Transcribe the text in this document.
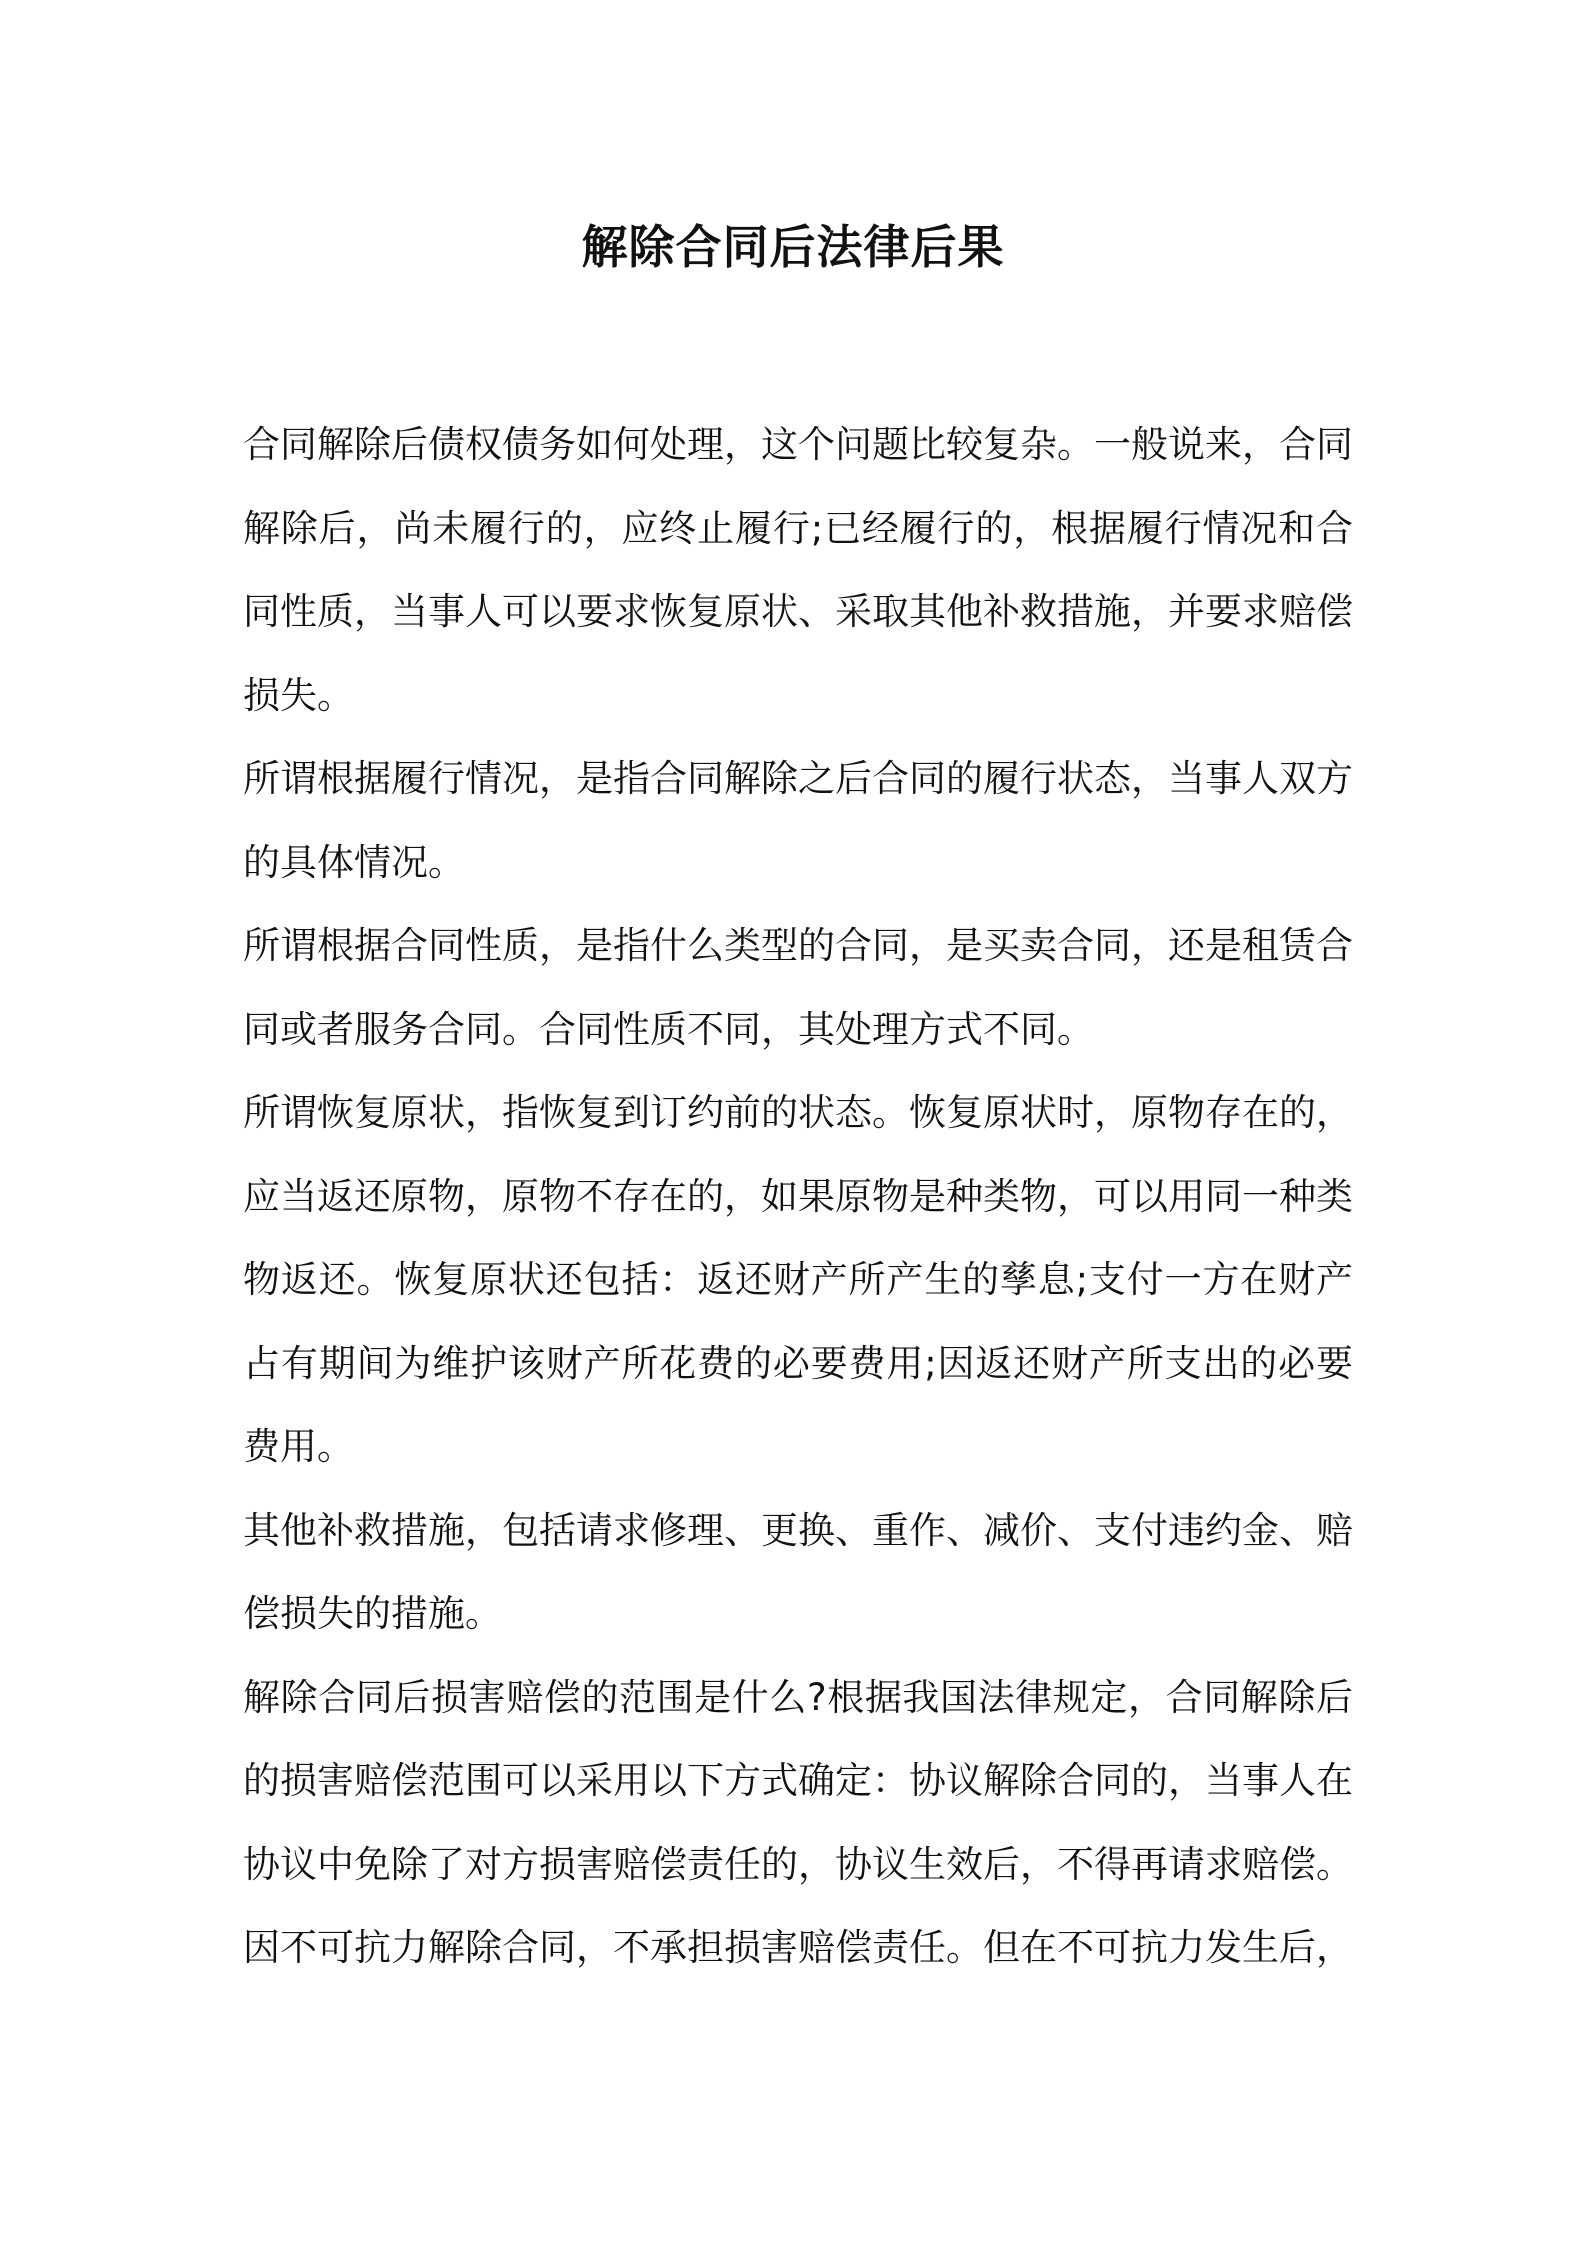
解除合同后法律后果

合同解除后债权债务如何处理，这个问题比较复杂。一般说来，合同解除后，尚未履行的，应终止履行;已经履行的，根据履行情况和合同性质，当事人可以要求恢复原状、采取其他补救措施，并要求赔偿损失。

所谓根据履行情况，是指合同解除之后合同的履行状态，当事人双方的具体情况。

所谓根据合同性质，是指什么类型的合同，是买卖合同，还是租赁合同或者服务合同。合同性质不同，其处理方式不同。

所谓恢复原状，指恢复到订约前的状态。恢复原状时，原物存在的，应当返还原物，原物不存在的，如果原物是种类物，可以用同一种类物返还。恢复原状还包括：返还财产所产生的孳息;支付一方在财产占有期间为维护该财产所花费的必要费用;因返还财产所支出的必要费用。

其他补救措施，包括请求修理、更换、重作、减价、支付违约金、赔偿损失的措施。

解除合同后损害赔偿的范围是什么?根据我国法律规定，合同解除后的损害赔偿范围可以采用以下方式确定：协议解除合同的，当事人在协议中免除了对方损害赔偿责任的，协议生效后，不得再请求赔偿。因不可抗力解除合同，不承担损害赔偿责任。但在不可抗力发生后，
